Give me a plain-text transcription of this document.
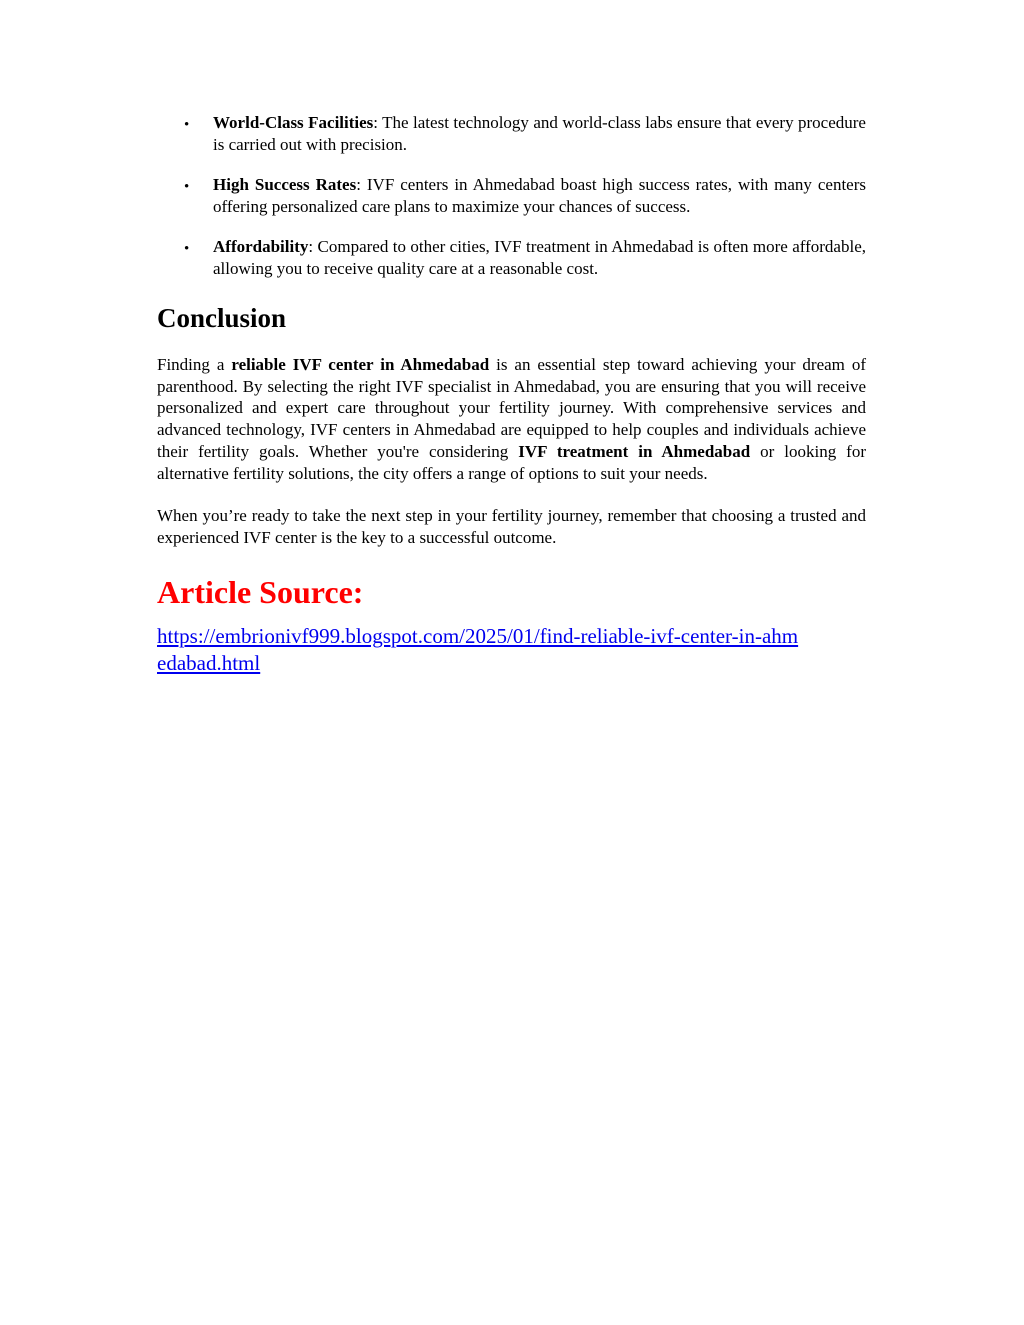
• World-Class Facilities: The latest technology and world-class labs ensure that every procedure is carried out with precision.
• High Success Rates: IVF centers in Ahmedabad boast high success rates, with many centers offering personalized care plans to maximize your chances of success.
• Affordability: Compared to other cities, IVF treatment in Ahmedabad is often more affordable, allowing you to receive quality care at a reasonable cost.
Conclusion

Finding a reliable IVF center in Ahmedabad is an essential step toward achieving your dream of parenthood. By selecting the right IVF specialist in Ahmedabad, you are ensuring that you will receive personalized and expert care throughout your fertility journey. With comprehensive services and advanced technology, IVF centers in Ahmedabad are equipped to help couples and individuals achieve their fertility goals. Whether you're considering IVF treatment in Ahmedabad or looking for alternative fertility solutions, the city offers a range of options to suit your needs.

When you’re ready to take the next step in your fertility journey, remember that choosing a trusted and experienced IVF center is the key to a successful outcome.

Article Source:
https://embrionivf999.blogspot.com/2025/01/find-reliable-ivf-center-in-ahmedabad.html
